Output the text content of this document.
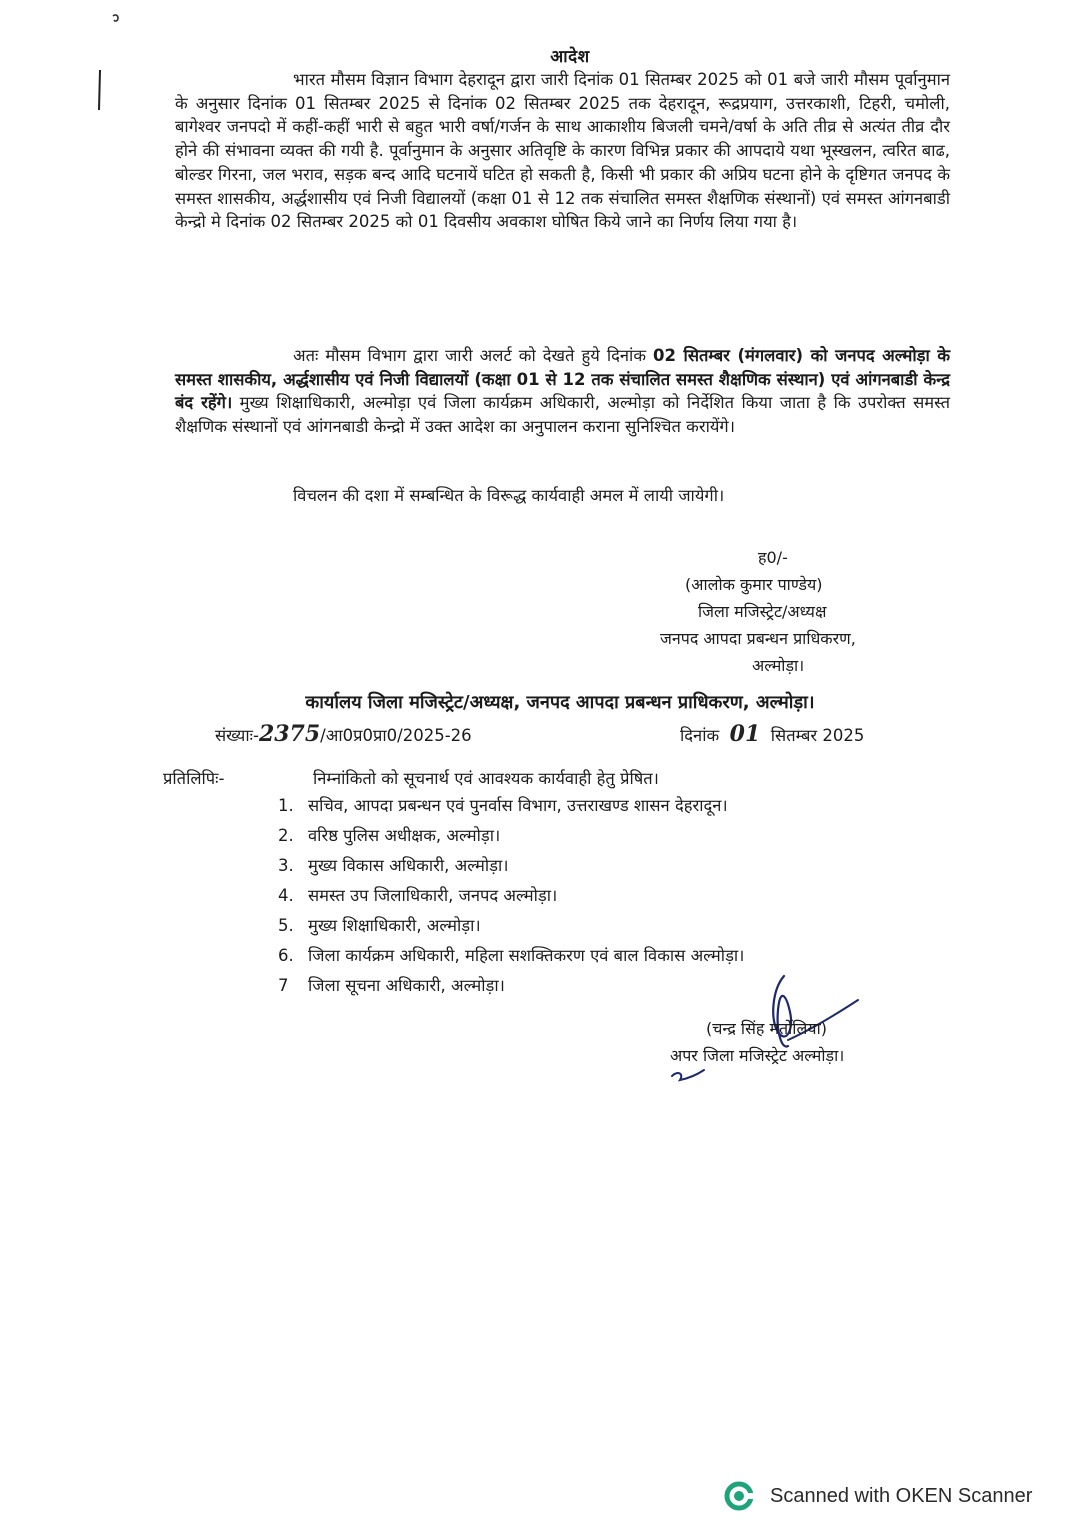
आदेश

भारत मौसम विज्ञान विभाग देहरादून द्वारा जारी दिनांक 01 सितम्बर 2025 को 01 बजे जारी मौसम पूर्वानुमान के अनुसार दिनांक 01 सितम्बर 2025 से दिनांक 02 सितम्बर 2025 तक देहरादून, रूद्रप्रयाग, उत्तरकाशी, टिहरी, चमोली, बागेश्वर जनपदो में कहीं-कहीं भारी से बहुत भारी वर्षा/गर्जन के साथ आकाशीय बिजली चमने/वर्षा के अति तीव्र से अत्यंत तीव्र दौर होने की संभावना व्यक्त की गयी है. पूर्वानुमान के अनुसार अतिवृष्टि के कारण विभिन्न प्रकार की आपदाये यथा भूस्खलन, त्वरित बाढ, बोल्डर गिरना, जल भराव, सड़क बन्द आदि घटनायें घटित हो सकती है, किसी भी प्रकार की अप्रिय घटना होने के दृष्टिगत जनपद के समस्त शासकीय, अर्द्धशासीय एवं निजी विद्यालयों (कक्षा 01 से 12 तक संचालित समस्त शैक्षणिक संस्थानों) एवं समस्त आंगनबाडी केन्द्रो मे दिनांक 02 सितम्बर 2025 को 01 दिवसीय अवकाश घोषित किये जाने का निर्णय लिया गया है।

अतः मौसम विभाग द्वारा जारी अलर्ट को देखते हुये दिनांक 02 सितम्बर (मंगलवार) को जनपद अल्मोड़ा के समस्त शासकीय, अर्द्धशासीय एवं निजी विद्यालयों (कक्षा 01 से 12 तक संचालित समस्त शैक्षणिक संस्थान) एवं आंगनबाडी केन्द्र बंद रहेंगे। मुख्य शिक्षाधिकारी, अल्मोड़ा एवं जिला कार्यक्रम अधिकारी, अल्मोड़ा को निर्देशित किया जाता है कि उपरोक्त समस्त शैक्षणिक संस्थानों एवं आंगनबाडी केन्द्रो में उक्त आदेश का अनुपालन कराना सुनिश्चित करायेंगे।

विचलन की दशा में सम्बन्धित के विरूद्ध कार्यवाही अमल में लायी जायेगी।

ह0/-
(आलोक कुमार पाण्डेय)
जिला मजिस्ट्रेट/अध्यक्ष
जनपद आपदा प्रबन्धन प्राधिकरण,
अल्मोड़ा।
कार्यालय जिला मजिस्ट्रेट/अध्यक्ष, जनपद आपदा प्रबन्धन प्राधिकरण, अल्मोड़ा।
संख्याः-2375/आ0प्र0प्रा0/2025-26	दिनांक 01 सितम्बर 2025
प्रतिलिपिः-	निम्नांकितो को सूचनार्थ एवं आवश्यक कार्यवाही हेतु प्रेषित।
1. सचिव, आपदा प्रबन्धन एवं पुनर्वास विभाग, उत्तराखण्ड शासन देहरादून।
2. वरिष्ठ पुलिस अधीक्षक, अल्मोड़ा।
3. मुख्य विकास अधिकारी, अल्मोड़ा।
4. समस्त उप जिलाधिकारी, जनपद अल्मोड़ा।
5. मुख्य शिक्षाधिकारी, अल्मोड़ा।
6. जिला कार्यक्रम अधिकारी, महिला सशक्तिकरण एवं बाल विकास अल्मोड़ा।
7 जिला सूचना अधिकारी, अल्मोड़ा।
(चन्द्र सिंह मर्तोलिया)
अपर जिला मजिस्ट्रेट अल्मोड़ा।
Scanned with OKEN Scanner
